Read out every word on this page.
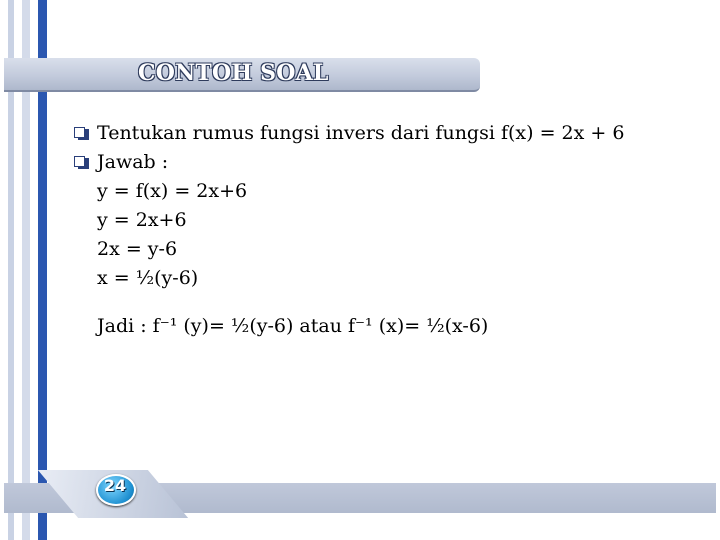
CONTOH SOAL
Tentukan rumus fungsi invers dari fungsi f(x) = 2x + 6
Jawab :
y = f(x) = 2x+6
y = 2x+6
2x = y-6
x = ½(y-6)
Jadi : f⁻¹ (y)= ½(y-6) atau f⁻¹ (x)= ½(x-6)
24
